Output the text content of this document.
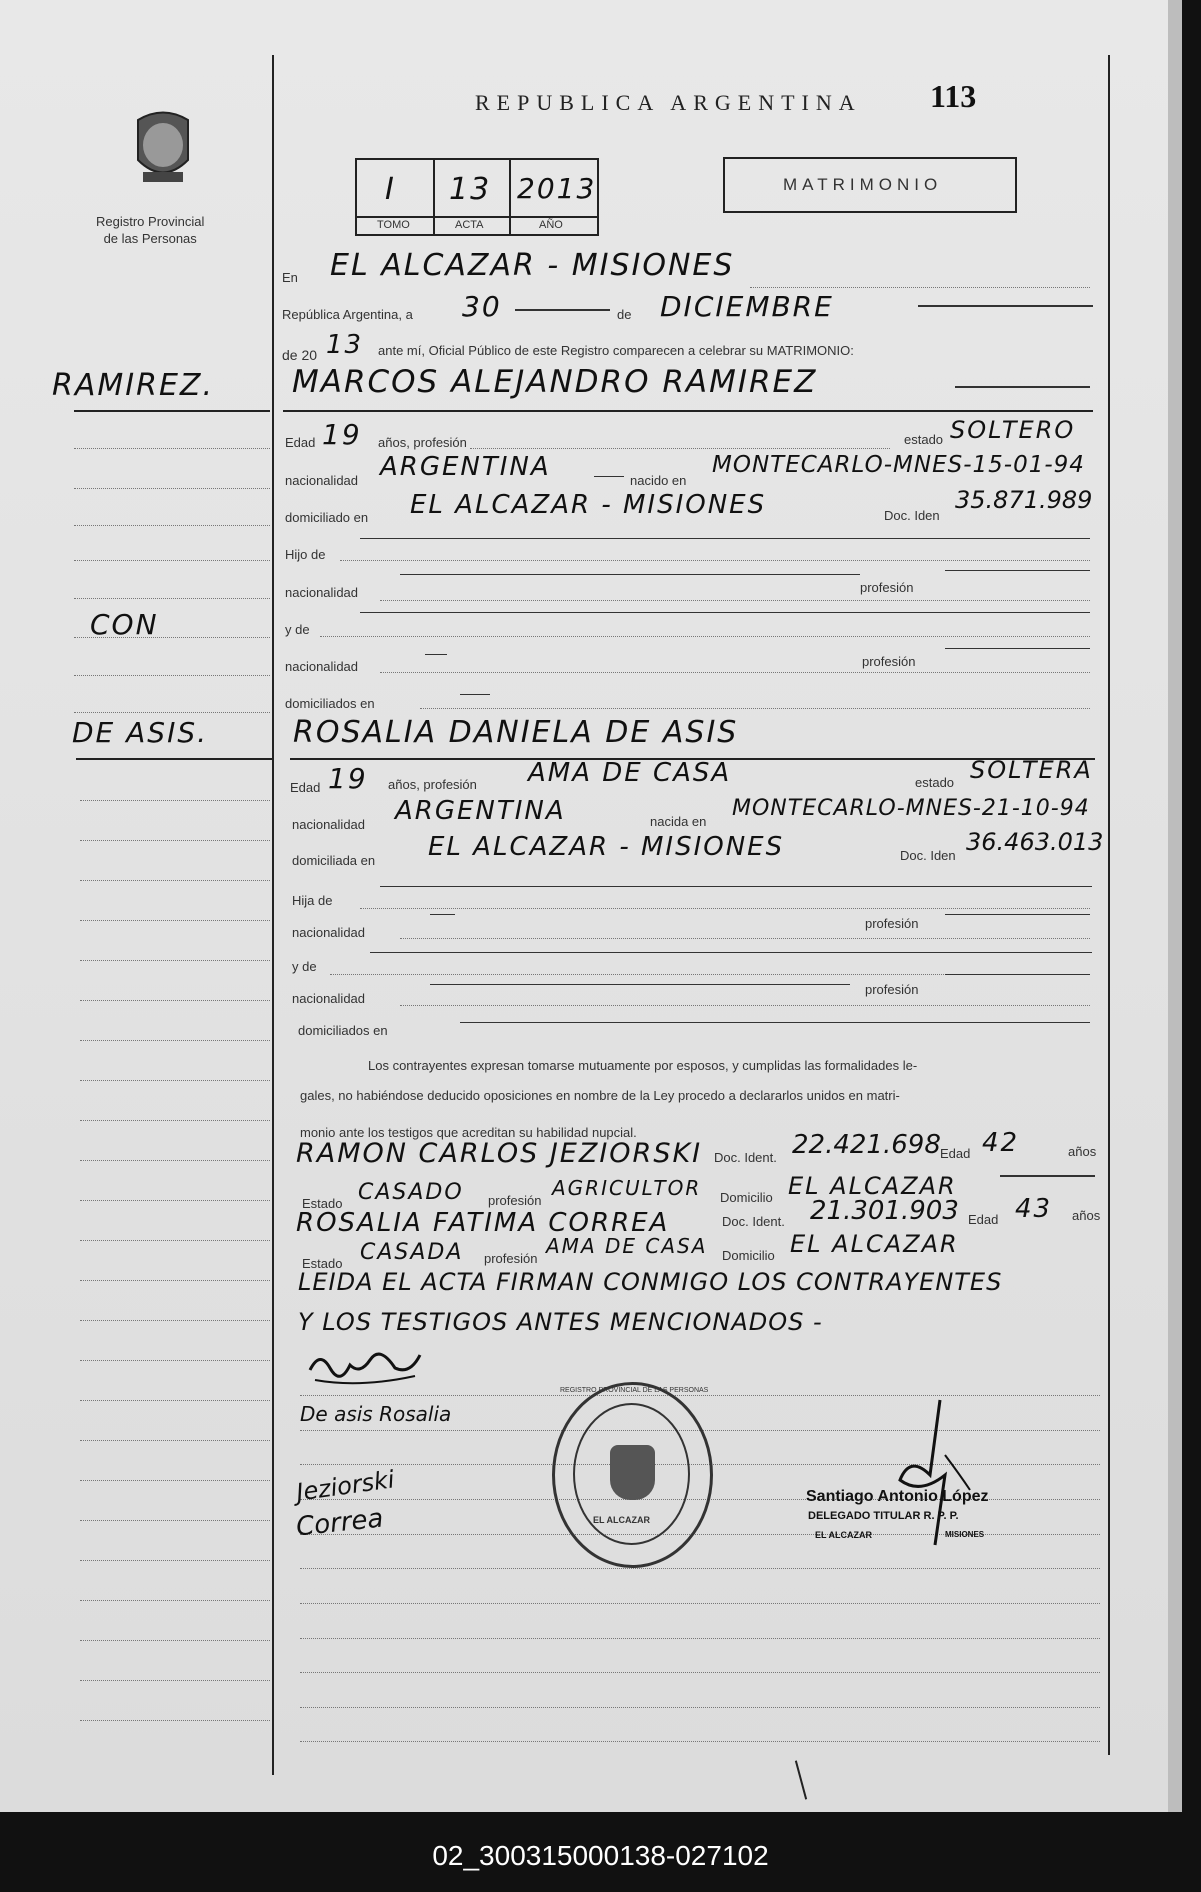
Registro Provincial
de las Personas
REPUBLICA ARGENTINA 113
I 13 2013
TOMO	ACTA	AÑO
MATRIMONIO
En EL ALCAZAR - MISIONES
República Argentina, a 30	de DICIEMBRE
de 20 13 ante mí, Oficial Público de este Registro comparecen a celebrar su MATRIMONIO:
RAMIREZ.
CON
DE ASIS.
MARCOS ALEJANDRO RAMIREZ
Edad 19 años, profesión	estado SOLTERO
nacionalidad ARGENTINA	nacido en
MONTECARLO-MNES-15-01-94
domiciliado en EL ALCAZAR - MISIONES	Doc. Iden
35.871.989
Hijo de
nacionalidad	profesión
y de
nacionalidad	profesión
domiciliados en
ROSALIA DANIELA DE ASIS
Edad 19 años, profesión AMA DE CASA	estado SOLTERA
nacionalidad ARGENTINA	nacida en
MONTECARLO-MNES-21-10-94
domiciliada en EL ALCAZAR - MISIONES	Doc. Iden 36.463.013
Hija de
nacionalidad
profesión
y de
nacionalidad
profesión
domiciliados en
Los contrayentes expresan tomarse mutuamente por esposos, y cumplidas las formalidades le-
gales, no habiéndose deducido oposiciones en nombre de la Ley procedo a declararlos unidos en matri-
monio ante los testigos que acreditan su habilidad nupcial.
RAMON CARLOS JEZIORSKI Doc. Ident. 22.421.698 Edad 42	años
Estado CASADO profesión
AGRICULTOR Domicilio EL ALCAZAR
ROSALIA FATIMA CORREA	Doc. Ident. 21.301.903 Edad 43 años
Estado CASADA profesión
AMA DE CASA Domicilio EL ALCAZAR
LEIDA EL ACTA FIRMAN CONMIGO LOS CONTRAYENTES
Y LOS TESTIGOS ANTES MENCIONADOS -
De asis Rosalia
Jeziorski
Correa
REGISTRO PROVINCIAL DE LAS PERSONAS
EL ALCAZAR
Santiago Antonio López
DELEGADO TITULAR R. P. P.
EL ALCAZAR	MISIONES
02_300315000138-027102
